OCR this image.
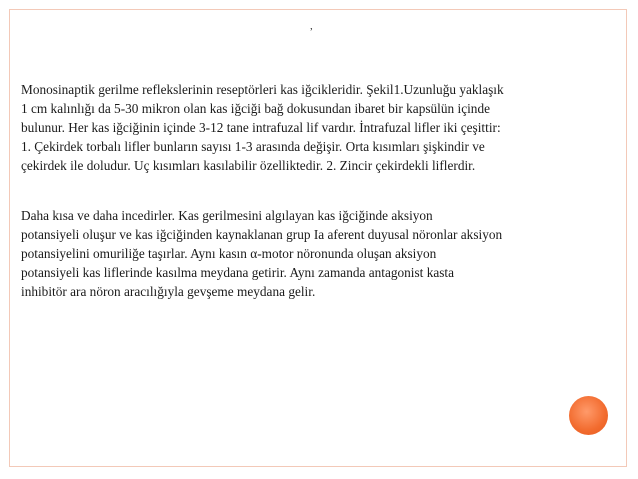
,

Monosinaptik gerilme reflekslerinin reseptörleri kas iğcikleridir. Şekil1.Uzunluğu yaklaşık
1 cm kalınlığı da 5-30 mikron olan kas iğciği bağ dokusundan ibaret bir kapsülün içinde
bulunur. Her kas iğciğinin içinde 3-12 tane intrafuzal lif vardır. İntrafuzal lifler iki çeşittir:
1. Çekirdek torbalı lifler bunların sayısı 1-3 arasında değişir. Orta kısımları şişkindir ve
çekirdek ile doludur. Uç kısımları kasılabilir özelliktedir. 2. Zincir çekirdekli liflerdir.

Daha kısa ve daha incedirler. Kas gerilmesini algılayan kas iğciğinde aksiyon
potansiyeli oluşur ve kas iğciğinden kaynaklanan grup Ia aferent duyusal nöronlar aksiyon
potansiyelini omuriliğe taşırlar. Aynı kasın α-motor nöronunda oluşan aksiyon
potansiyeli kas liflerinde kasılma meydana getirir. Aynı zamanda antagonist kasta
inhibitör ara nöron aracılığıyla gevşeme meydana gelir.
